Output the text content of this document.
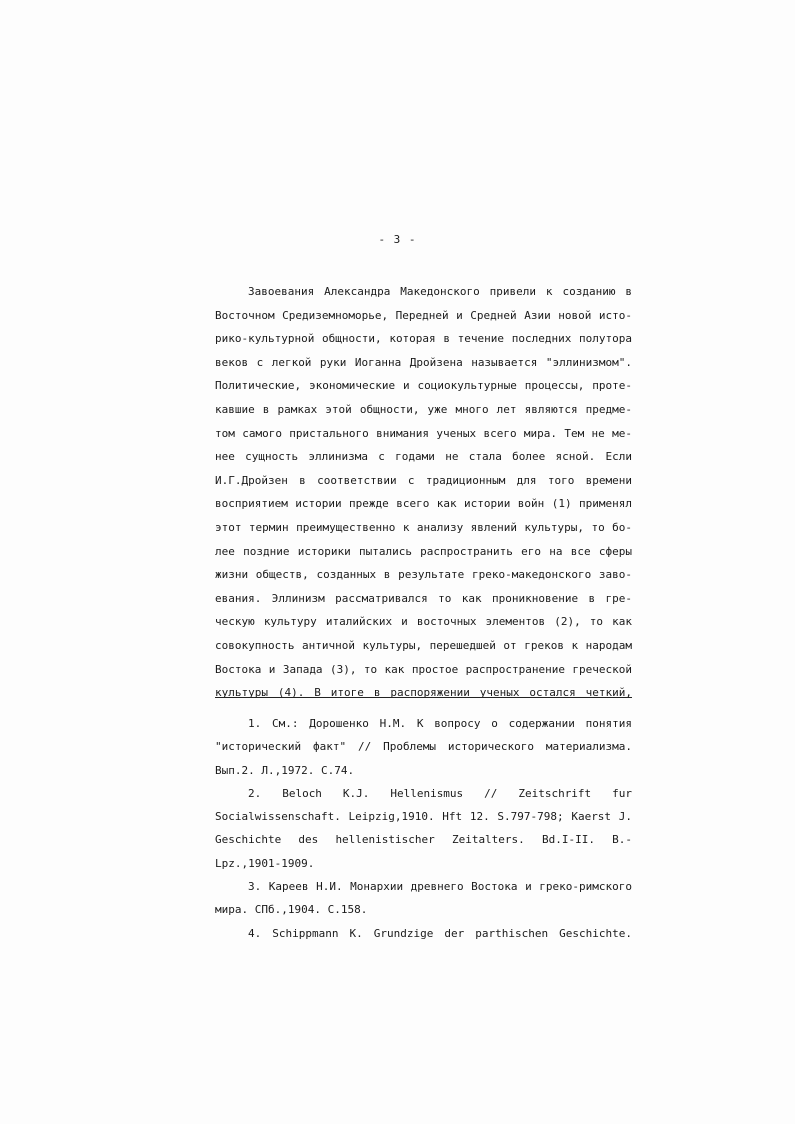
- 3 -
Завоевания Александра Македонского привели к созданию в
Восточном Средиземноморье, Передней и Средней Азии новой исто-
рико-культурной общности, которая в течение последних полутора
веков с легкой руки Иоганна Дройзена называется "эллинизмом".
Политические, экономические и социокультурные процессы, проте-
кавшие в рамках этой общности, уже много лет являются предме-
том самого пристального внимания ученых всего мира. Тем не ме-
нее сущность эллинизма с годами не стала более ясной. Если
И.Г.Дройзен в соответствии с традиционным для того времени
восприятием истории прежде всего как истории войн (1) применял
этот термин преимущественно к анализу явлений культуры, то бо-
лее поздние историки пытались распространить его на все сферы
жизни обществ, созданных в результате греко-македонского заво-
евания. Эллинизм рассматривался то как проникновение в гре-
ческую культуру италийских и восточных элементов (2), то как
совокупность античной культуры, перешедшей от греков к народам
Востока и Запада (3), то как простое распространение греческой
культуры (4). В итоге в распоряжении ученых остался четкий,
1. См.: Дорошенко Н.М. К вопросу о содержании понятия
"исторический факт" // Проблемы исторического материализма.
Вып.2. Л.,1972. С.74.
2. Beloch K.J. Hellenismus // Zeitschrift fur
Socialwissenschaft. Leipzig,1910. Hft 12. S.797-798; Kaerst J.
Geschichte des hellenistischer Zeitalters. Bd.I-II. B.-
Lpz.,1901-1909.
3. Кареев Н.И. Монархии древнего Востока и греко-римского
мира. СПб.,1904. С.158.
4. Schippmann K. Grundzige der parthischen Geschichte.
